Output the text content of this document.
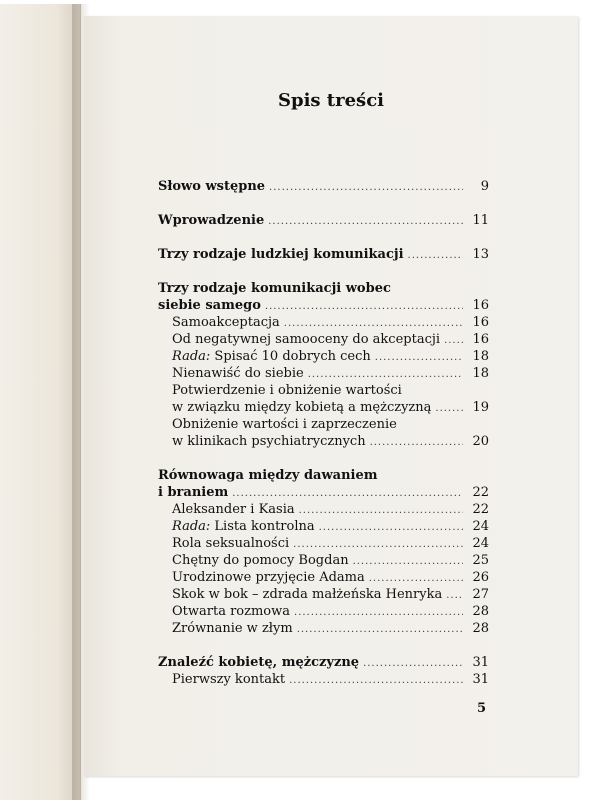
Spis treści
Słowo wstępne .....	9
Wprowadzenie .....	11
Trzy rodzaje ludzkiej komunikacji .....	13
Trzy rodzaje komunikacji wobec
siebie samego .....	16
Samoakceptacja .....	16
Od negatywnej samooceny do akceptacji .....	16
Rada: Spisać 10 dobrych cech .....	18
Nienawiść do siebie .....	18
Potwierdzenie i obniżenie wartości
w związku między kobietą a mężczyzną .....	19
Obniżenie wartości i zaprzeczenie
w klinikach psychiatrycznych .....	20
Równowaga między dawaniem
i braniem .....	22
Aleksander i Kasia .....	22
Rada: Lista kontrolna .....	24
Rola seksualności .....	24
Chętny do pomocy Bogdan .....	25
Urodzinowe przyjęcie Adama .....	26
Skok w bok – zdrada małżeńska Henryka .....	27
Otwarta rozmowa .....	28
Zrównanie w złym .....	28
Znaleźć kobietę, mężczyznę .....	31
Pierwszy kontakt .....	31
5
